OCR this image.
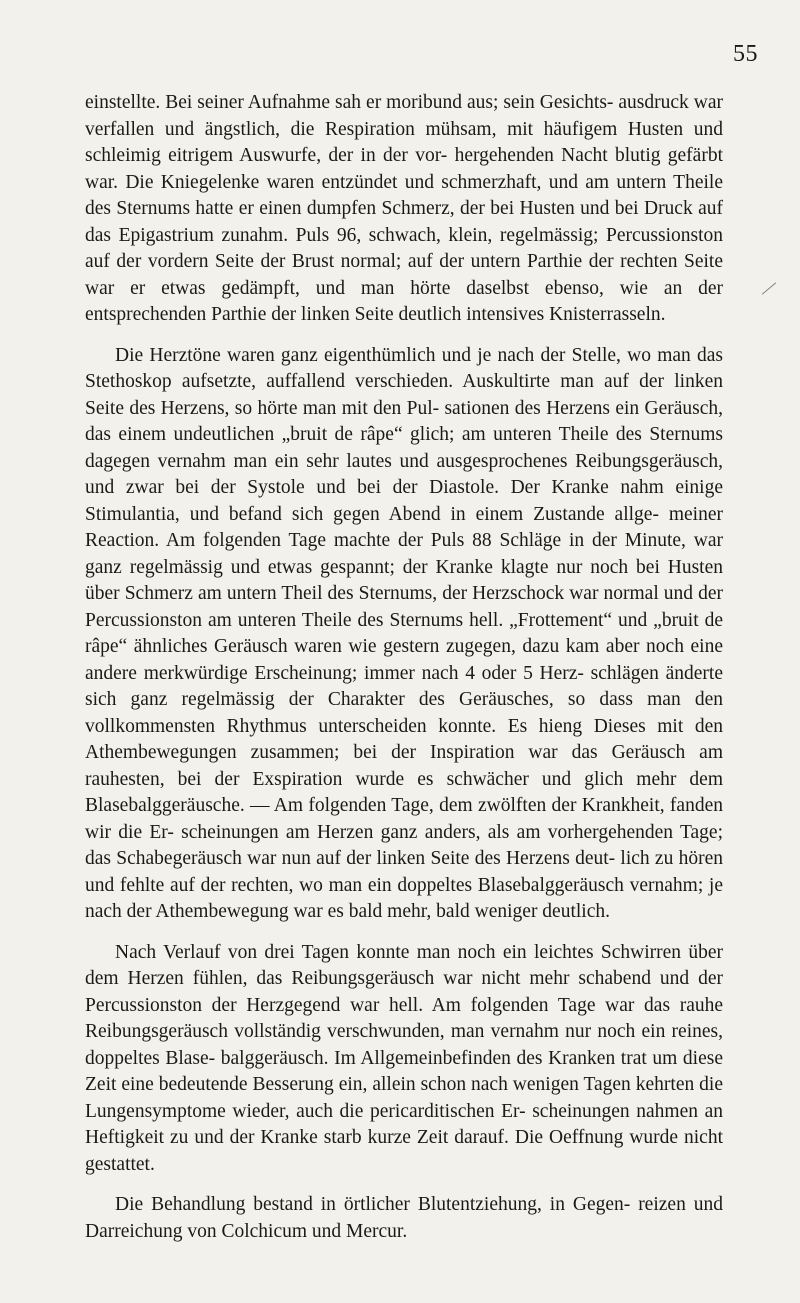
55

einstellte. Bei seiner Aufnahme sah er moribund aus; sein Gesichts- ausdruck war verfallen und ängstlich, die Respiration mühsam, mit häufigem Husten und schleimig eitrigem Auswurfe, der in der vor- hergehenden Nacht blutig gefärbt war. Die Kniegelenke waren entzündet und schmerzhaft, und am untern Theile des Sternums hatte er einen dumpfen Schmerz, der bei Husten und bei Druck auf das Epigastrium zunahm. Puls 96, schwach, klein, regelmässig; Percussionston auf der vordern Seite der Brust normal; auf der untern Parthie der rechten Seite war er etwas gedämpft, und man hörte daselbst ebenso, wie an der entsprechenden Parthie der linken Seite deutlich intensives Knisterrasseln.

Die Herztöne waren ganz eigenthümlich und je nach der Stelle, wo man das Stethoskop aufsetzte, auffallend verschieden. Auskultirte man auf der linken Seite des Herzens, so hörte man mit den Pul- sationen des Herzens ein Geräusch, das einem undeutlichen „bruit de râpe“ glich; am unteren Theile des Sternums dagegen vernahm man ein sehr lautes und ausgesprochenes Reibungsgeräusch, und zwar bei der Systole und bei der Diastole. Der Kranke nahm einige Stimulantia, und befand sich gegen Abend in einem Zustande allge- meiner Reaction. Am folgenden Tage machte der Puls 88 Schläge in der Minute, war ganz regelmässig und etwas gespannt; der Kranke klagte nur noch bei Husten über Schmerz am untern Theil des Sternums, der Herzschock war normal und der Percussionston am unteren Theile des Sternums hell. „Frottement“ und „bruit de râpe“ ähnliches Geräusch waren wie gestern zugegen, dazu kam aber noch eine andere merkwürdige Erscheinung; immer nach 4 oder 5 Herz- schlägen änderte sich ganz regelmässig der Charakter des Geräusches, so dass man den vollkommensten Rhythmus unterscheiden konnte. Es hieng Dieses mit den Athembewegungen zusammen; bei der Inspiration war das Geräusch am rauhesten, bei der Exspiration wurde es schwächer und glich mehr dem Blasebalggeräusche. — Am folgenden Tage, dem zwölften der Krankheit, fanden wir die Er- scheinungen am Herzen ganz anders, als am vorhergehenden Tage; das Schabegeräusch war nun auf der linken Seite des Herzens deut- lich zu hören und fehlte auf der rechten, wo man ein doppeltes Blasebalggeräusch vernahm; je nach der Athembewegung war es bald mehr, bald weniger deutlich.

Nach Verlauf von drei Tagen konnte man noch ein leichtes Schwirren über dem Herzen fühlen, das Reibungsgeräusch war nicht mehr schabend und der Percussionston der Herzgegend war hell. Am folgenden Tage war das rauhe Reibungsgeräusch vollständig verschwunden, man vernahm nur noch ein reines, doppeltes Blase- balggeräusch. Im Allgemeinbefinden des Kranken trat um diese Zeit eine bedeutende Besserung ein, allein schon nach wenigen Tagen kehrten die Lungensymptome wieder, auch die pericarditischen Er- scheinungen nahmen an Heftigkeit zu und der Kranke starb kurze Zeit darauf. Die Oeffnung wurde nicht gestattet.

Die Behandlung bestand in örtlicher Blutentziehung, in Gegen- reizen und Darreichung von Colchicum und Mercur.
